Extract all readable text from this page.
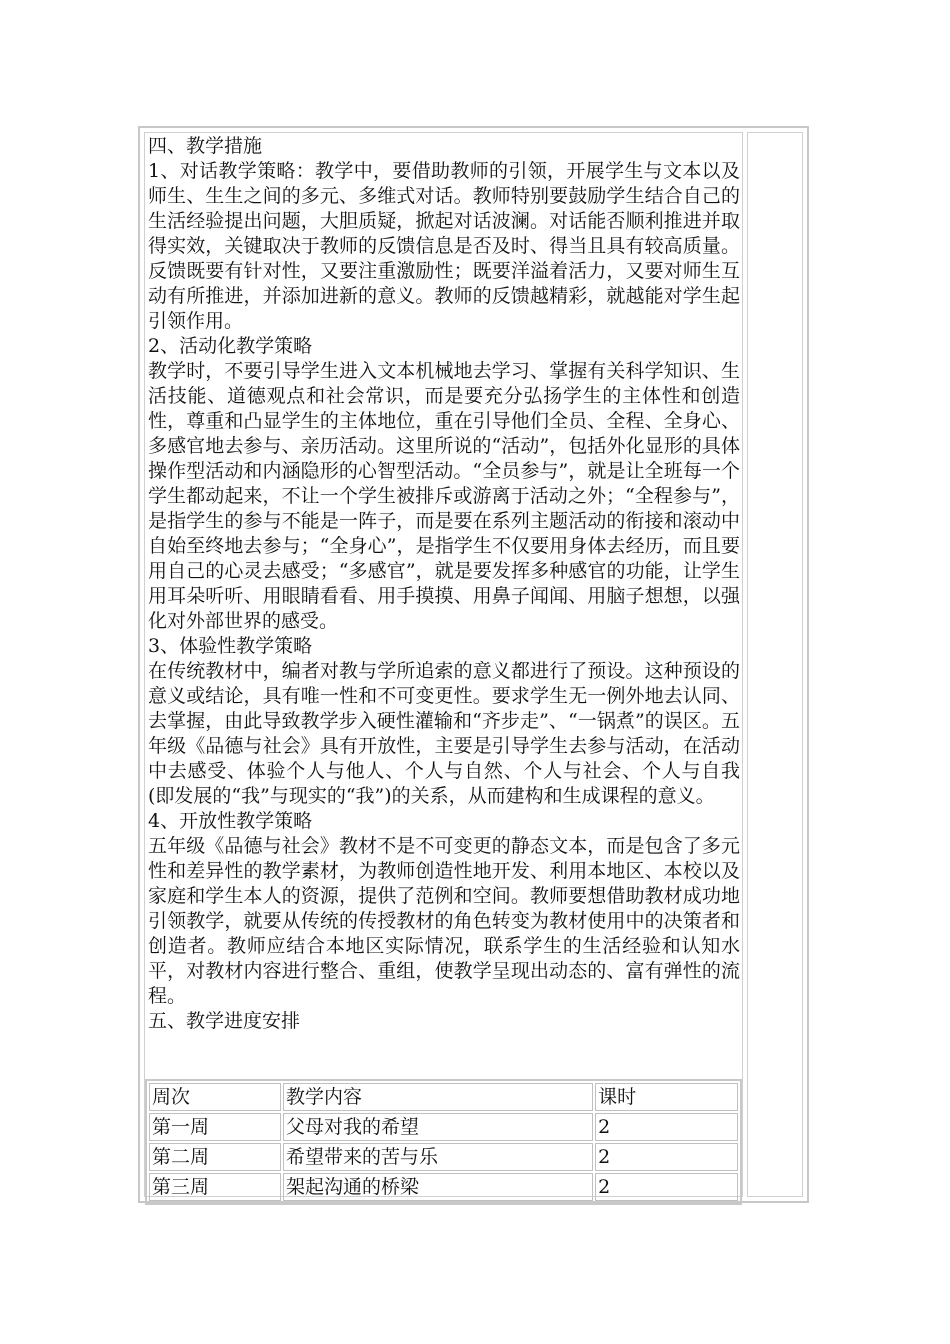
四、教学措施

1、对话教学策略：教学中，要借助教师的引领，开展学生与文本以及师生、生生之间的多元、多维式对话。教师特别要鼓励学生结合自己的生活经验提出问题，大胆质疑，掀起对话波澜。对话能否顺利推进并取得实效，关键取决于教师的反馈信息是否及时、得当且具有较高质量。反馈既要有针对性，又要注重激励性；既要洋溢着活力，又要对师生互动有所推进，并添加进新的意义。教师的反馈越精彩，就越能对学生起引领作用。

2、活动化教学策略

教学时，不要引导学生进入文本机械地去学习、掌握有关科学知识、生活技能、道德观点和社会常识，而是要充分弘扬学生的主体性和创造性，尊重和凸显学生的主体地位，重在引导他们全员、全程、全身心、多感官地去参与、亲历活动。这里所说的“活动”，包括外化显形的具体操作型活动和内涵隐形的心智型活动。“全员参与”，就是让全班每一个学生都动起来，不让一个学生被排斥或游离于活动之外；“全程参与”，是指学生的参与不能是一阵子，而是要在系列主题活动的衔接和滚动中自始至终地去参与；“全身心”，是指学生不仅要用身体去经历，而且要用自己的心灵去感受；“多感官”，就是要发挥多种感官的功能，让学生用耳朵听听、用眼睛看看、用手摸摸、用鼻子闻闻、用脑子想想，以强化对外部世界的感受。

3、体验性教学策略

在传统教材中，编者对教与学所追索的意义都进行了预设。这种预设的意义或结论，具有唯一性和不可变更性。要求学生无一例外地去认同、去掌握，由此导致教学步入硬性灌输和“齐步走”、“一锅煮”的误区。五年级《品德与社会》具有开放性，主要是引导学生去参与活动，在活动中去感受、体验个人与他人、个人与自然、个人与社会、个人与自我(即发展的“我”与现实的“我”)的关系，从而建构和生成课程的意义。

4、开放性教学策略

五年级《品德与社会》教材不是不可变更的静态文本，而是包含了多元性和差异性的教学素材，为教师创造性地开发、利用本地区、本校以及家庭和学生本人的资源，提供了范例和空间。教师要想借助教材成功地引领教学，就要从传统的传授教材的角色转变为教材使用中的决策者和创造者。教师应结合本地区实际情况，联系学生的生活经验和认知水平，对教材内容进行整合、重组，使教学呈现出动态的、富有弹性的流程。

五、教学进度安排

周次	教学内容	课时
第一周	父母对我的希望	2
第二周	希望带来的苦与乐	2
第三周	架起沟通的桥梁	2
